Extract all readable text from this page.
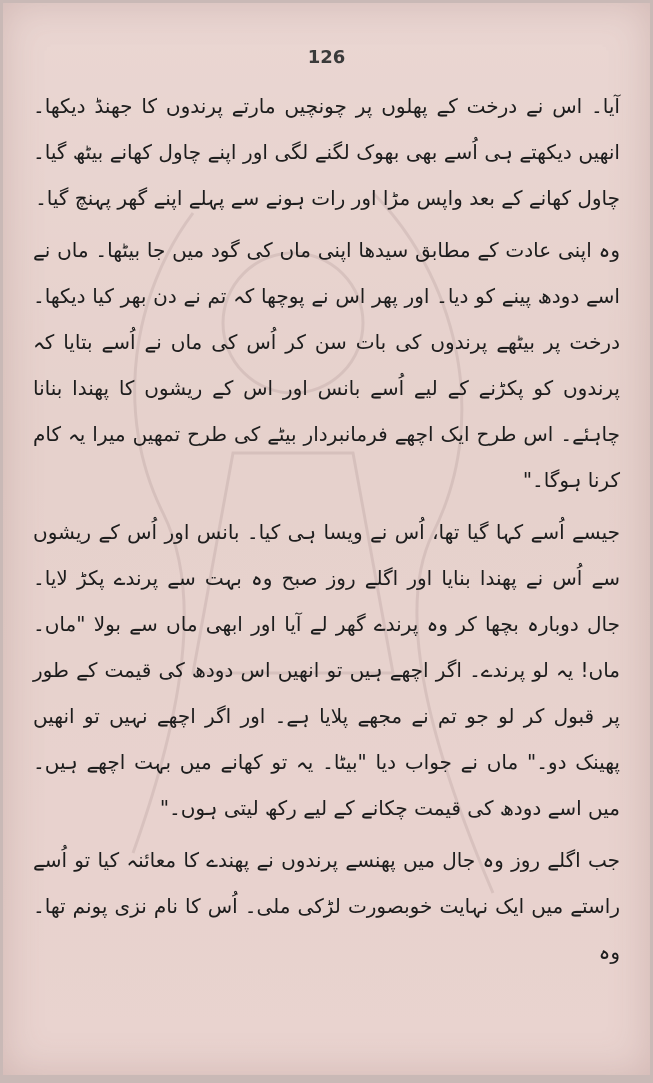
126

آیا۔ اس نے درخت کے پھلوں پر چونچیں مارتے پرندوں کا جھنڈ دیکھا۔ انھیں دیکھتے ہی اُسے بھی بھوک لگنے لگی اور اپنے چاول کھانے بیٹھ گیا۔ چاول کھانے کے بعد واپس مڑا اور رات ہونے سے پہلے اپنے گھر پہنچ گیا۔

وہ اپنی عادت کے مطابق سیدھا اپنی ماں کی گود میں جا بیٹھا۔ ماں نے اسے دودھ پینے کو دیا۔ اور پھر اس نے پوچھا کہ تم نے دن بھر کیا دیکھا۔ درخت پر بیٹھے پرندوں کی بات سن کر اُس کی ماں نے اُسے بتایا کہ پرندوں کو پکڑنے کے لیے اُسے بانس اور اس کے ریشوں کا پھندا بنانا چاہئے۔ اس طرح ایک اچھے فرمانبردار بیٹے کی طرح تمھیں میرا یہ کام کرنا ہوگا۔"

جیسے اُسے کہا گیا تھا، اُس نے ویسا ہی کیا۔ بانس اور اُس کے ریشوں سے اُس نے پھندا بنایا اور اگلے روز صبح وہ بہت سے پرندے پکڑ لایا۔ جال دوبارہ بچھا کر وہ پرندے گھر لے آیا اور ابھی ماں سے بولا "ماں۔ ماں! یہ لو پرندے۔ اگر اچھے ہیں تو انھیں اس دودھ کی قیمت کے طور پر قبول کر لو جو تم نے مجھے پلایا ہے۔ اور اگر اچھے نہیں تو انھیں پھینک دو۔" ماں نے جواب دیا "بیٹا۔ یہ تو کھانے میں بہت اچھے ہیں۔ میں اسے دودھ کی قیمت چکانے کے لیے رکھ لیتی ہوں۔"

جب اگلے روز وہ جال میں پھنسے پرندوں نے پھندے کا معائنہ کیا تو اُسے راستے میں ایک نہایت خوبصورت لڑکی ملی۔ اُس کا نام نزی پونم تھا۔ وہ
